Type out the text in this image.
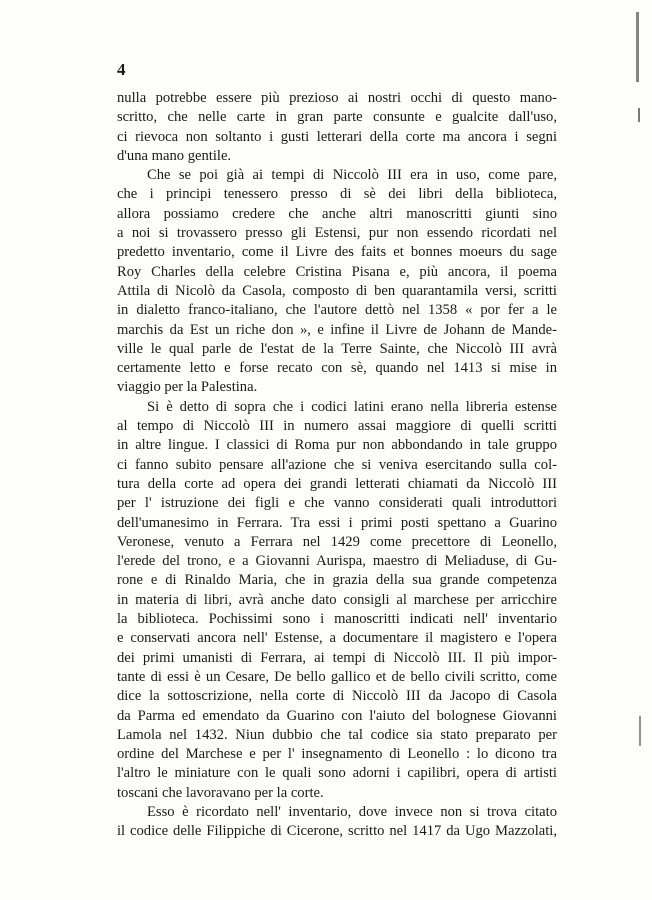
4
nulla potrebbe essere più prezioso ai nostri occhi di questo mano-
scritto, che nelle carte in gran parte consunte e gualcite dall'uso,
ci rievoca non soltanto i gusti letterari della corte ma ancora i segni
d'una mano gentile.
Che se poi già ai tempi di Niccolò III era in uso, come pare,
che i principi tenessero presso di sè dei libri della biblioteca,
allora possiamo credere che anche altri manoscritti giunti sino
a noi si trovassero presso gli Estensi, pur non essendo ricordati nel
predetto inventario, come il Livre des faits et bonnes moeurs du sage
Roy Charles della celebre Cristina Pisana e, più ancora, il poema
Attila di Nicolò da Casola, composto di ben quarantamila versi, scritti
in dialetto franco-italiano, che l'autore dettò nel 1358 « por fer a le
marchis da Est un riche don », e infine il Livre de Johann de Mande-
ville le qual parle de l'estat de la Terre Sainte, che Niccolò III avrà
certamente letto e forse recato con sè, quando nel 1413 si mise in
viaggio per la Palestina.
Si è detto di sopra che i codici latini erano nella libreria estense
al tempo di Niccolò III in numero assai maggiore di quelli scritti
in altre lingue. I classici di Roma pur non abbondando in tale gruppo
ci fanno subito pensare all'azione che si veniva esercitando sulla col-
tura della corte ad opera dei grandi letterati chiamati da Niccolò III
per l' istruzione dei figli e che vanno considerati quali introduttori
dell'umanesimo in Ferrara. Tra essi i primi posti spettano a Guarino
Veronese, venuto a Ferrara nel 1429 come precettore di Leonello,
l'erede del trono, e a Giovanni Aurispa, maestro di Meliaduse, di Gu-
rone e di Rinaldo Maria, che in grazia della sua grande competenza
in materia di libri, avrà anche dato consigli al marchese per arricchire
la biblioteca. Pochissimi sono i manoscritti indicati nell' inventario
e conservati ancora nell' Estense, a documentare il magistero e l'opera
dei primi umanisti di Ferrara, ai tempi di Niccolò III. Il più impor-
tante di essi è un Cesare, De bello gallico et de bello civili scritto, come
dice la sottoscrizione, nella corte di Niccolò III da Jacopo di Casola
da Parma ed emendato da Guarino con l'aiuto del bolognese Giovanni
Lamola nel 1432. Niun dubbio che tal codice sia stato preparato per
ordine del Marchese e per l' insegnamento di Leonello : lo dicono tra
l'altro le miniature con le quali sono adorni i capilibri, opera di artisti
toscani che lavoravano per la corte.
Esso è ricordato nell' inventario, dove invece non si trova citato
il codice delle Filippiche di Cicerone, scritto nel 1417 da Ugo Mazzolati,
